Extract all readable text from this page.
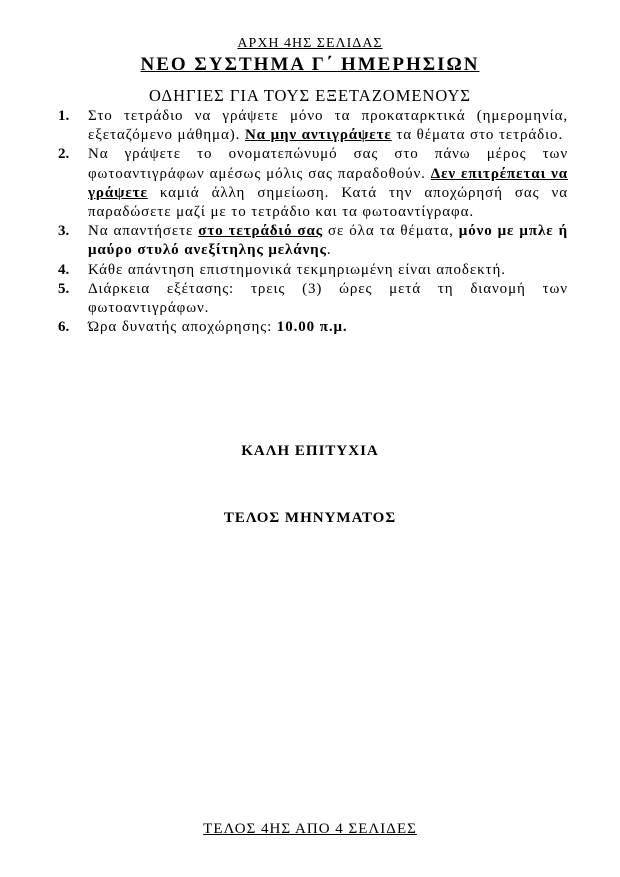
ΑΡΧΗ 4ΗΣ ΣΕΛΙΔΑΣ
ΝΕΟ ΣΥΣΤΗΜΑ Γ΄ ΗΜΕΡΗΣΙΩΝ
ΟΔΗΓΙΕΣ ΓΙΑ ΤΟΥΣ ΕΞΕΤΑΖΟΜΕΝΟΥΣ
1. Στο τετράδιο να γράψετε μόνο τα προκαταρκτικά (ημερομηνία, εξεταζόμενο μάθημα). Να μην αντιγράψετε τα θέματα στο τετράδιο.
2. Να γράψετε το ονοματεπώνυμό σας στο πάνω μέρος των φωτοαντιγράφων αμέσως μόλις σας παραδοθούν. Δεν επιτρέπεται να γράψετε καμιά άλλη σημείωση. Κατά την αποχώρησή σας να παραδώσετε μαζί με το τετράδιο και τα φωτοαντίγραφα.
3. Να απαντήσετε στο τετράδιό σας σε όλα τα θέματα, μόνο με μπλε ή μαύρο στυλό ανεξίτηλης μελάνης.
4. Κάθε απάντηση επιστημονικά τεκμηριωμένη είναι αποδεκτή.
5. Διάρκεια εξέτασης: τρεις (3) ώρες μετά τη διανομή των φωτοαντιγράφων.
6. Ώρα δυνατής αποχώρησης: 10.00 π.μ.
ΚΑΛΗ ΕΠΙΤΥΧΙΑ
ΤΕΛΟΣ ΜΗΝΥΜΑΤΟΣ
ΤΕΛΟΣ 4ΗΣ ΑΠΟ 4 ΣΕΛΙΔΕΣ
